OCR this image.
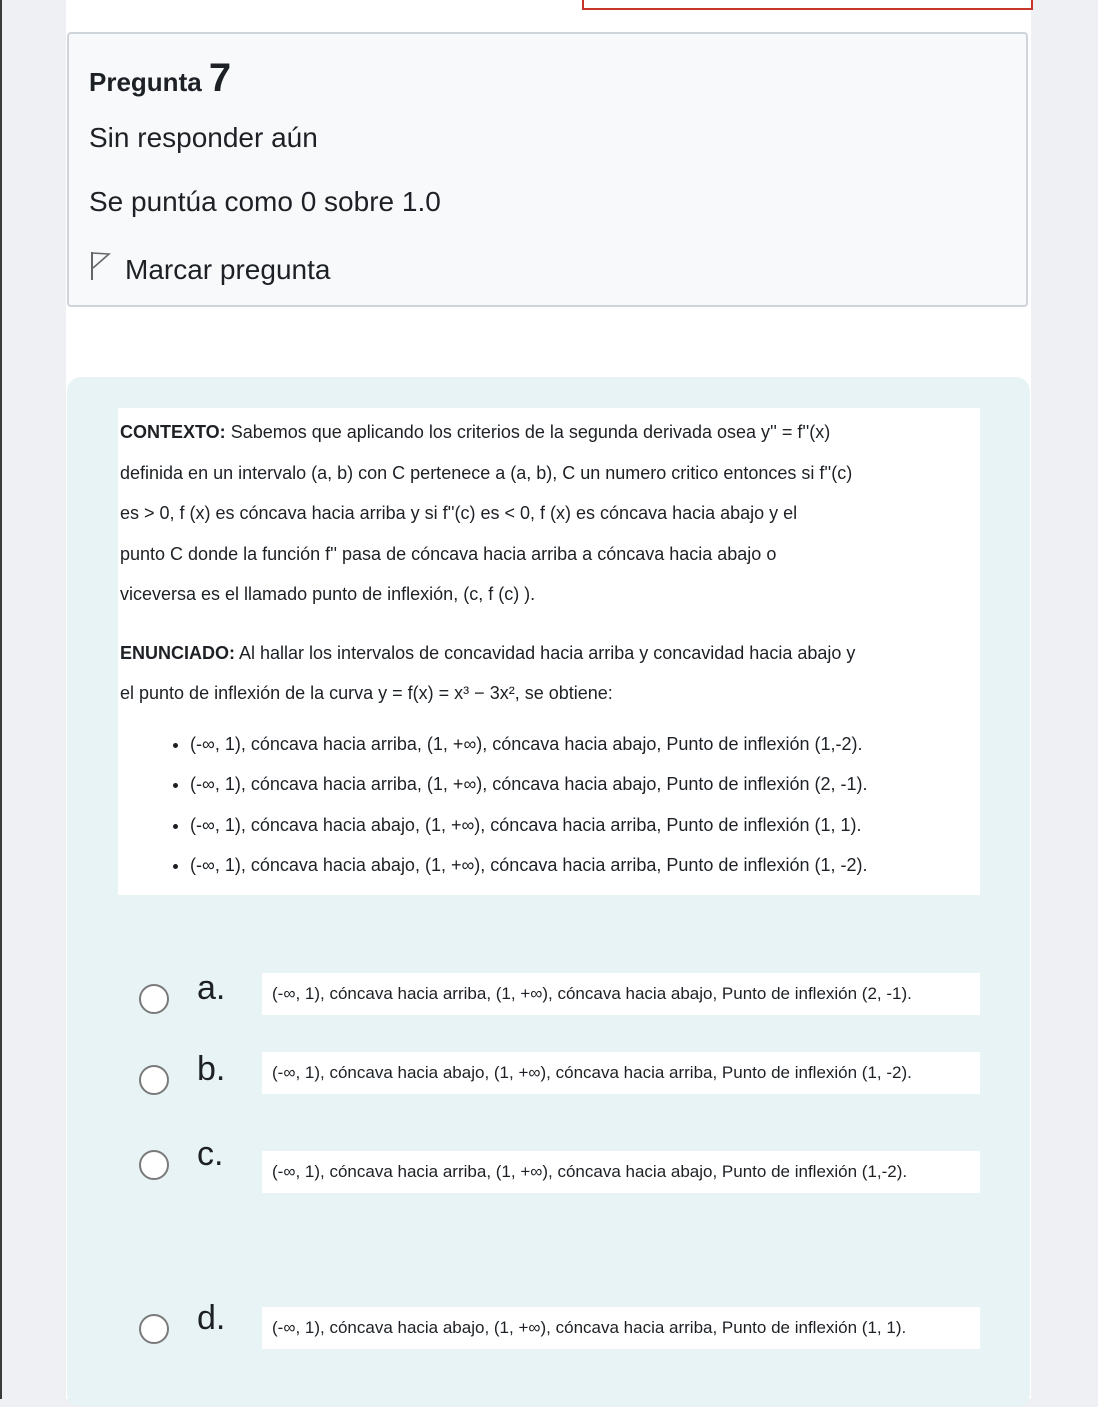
Pregunta 7
Sin responder aún
Se puntúa como 0 sobre 1.0
Marcar pregunta

CONTEXTO: Sabemos que aplicando los criterios de la segunda derivada osea y'' = f''(x)

definida en un intervalo (a, b) con C pertenece a (a, b), C un numero critico entonces si f''(c)

es > 0, f (x) es cóncava hacia arriba y si f''(c) es < 0, f (x) es cóncava hacia abajo y el

punto C donde la función f'' pasa de cóncava hacia arriba a cóncava hacia abajo o

viceversa es el llamado punto de inflexión, (c, f (c) ).

ENUNCIADO: Al hallar los intervalos de concavidad hacia arriba y concavidad hacia abajo y

el punto de inflexión de la curva y = f(x) = x³ − 3x², se obtiene:

• (-∞, 1), cóncava hacia arriba, (1, +∞), cóncava hacia abajo, Punto de inflexión (1,-2).
• (-∞, 1), cóncava hacia arriba, (1, +∞), cóncava hacia abajo, Punto de inflexión (2, -1).
• (-∞, 1), cóncava hacia abajo, (1, +∞), cóncava hacia arriba, Punto de inflexión (1, 1).
• (-∞, 1), cóncava hacia abajo, (1, +∞), cóncava hacia arriba, Punto de inflexión (1, -2).
a.	(-∞, 1), cóncava hacia arriba, (1, +∞), cóncava hacia abajo, Punto de inflexión (2, -1).
b.	(-∞, 1), cóncava hacia abajo, (1, +∞), cóncava hacia arriba, Punto de inflexión (1, -2).
c.	(-∞, 1), cóncava hacia arriba, (1, +∞), cóncava hacia abajo, Punto de inflexión (1,-2).
d.	(-∞, 1), cóncava hacia abajo, (1, +∞), cóncava hacia arriba, Punto de inflexión (1, 1).
